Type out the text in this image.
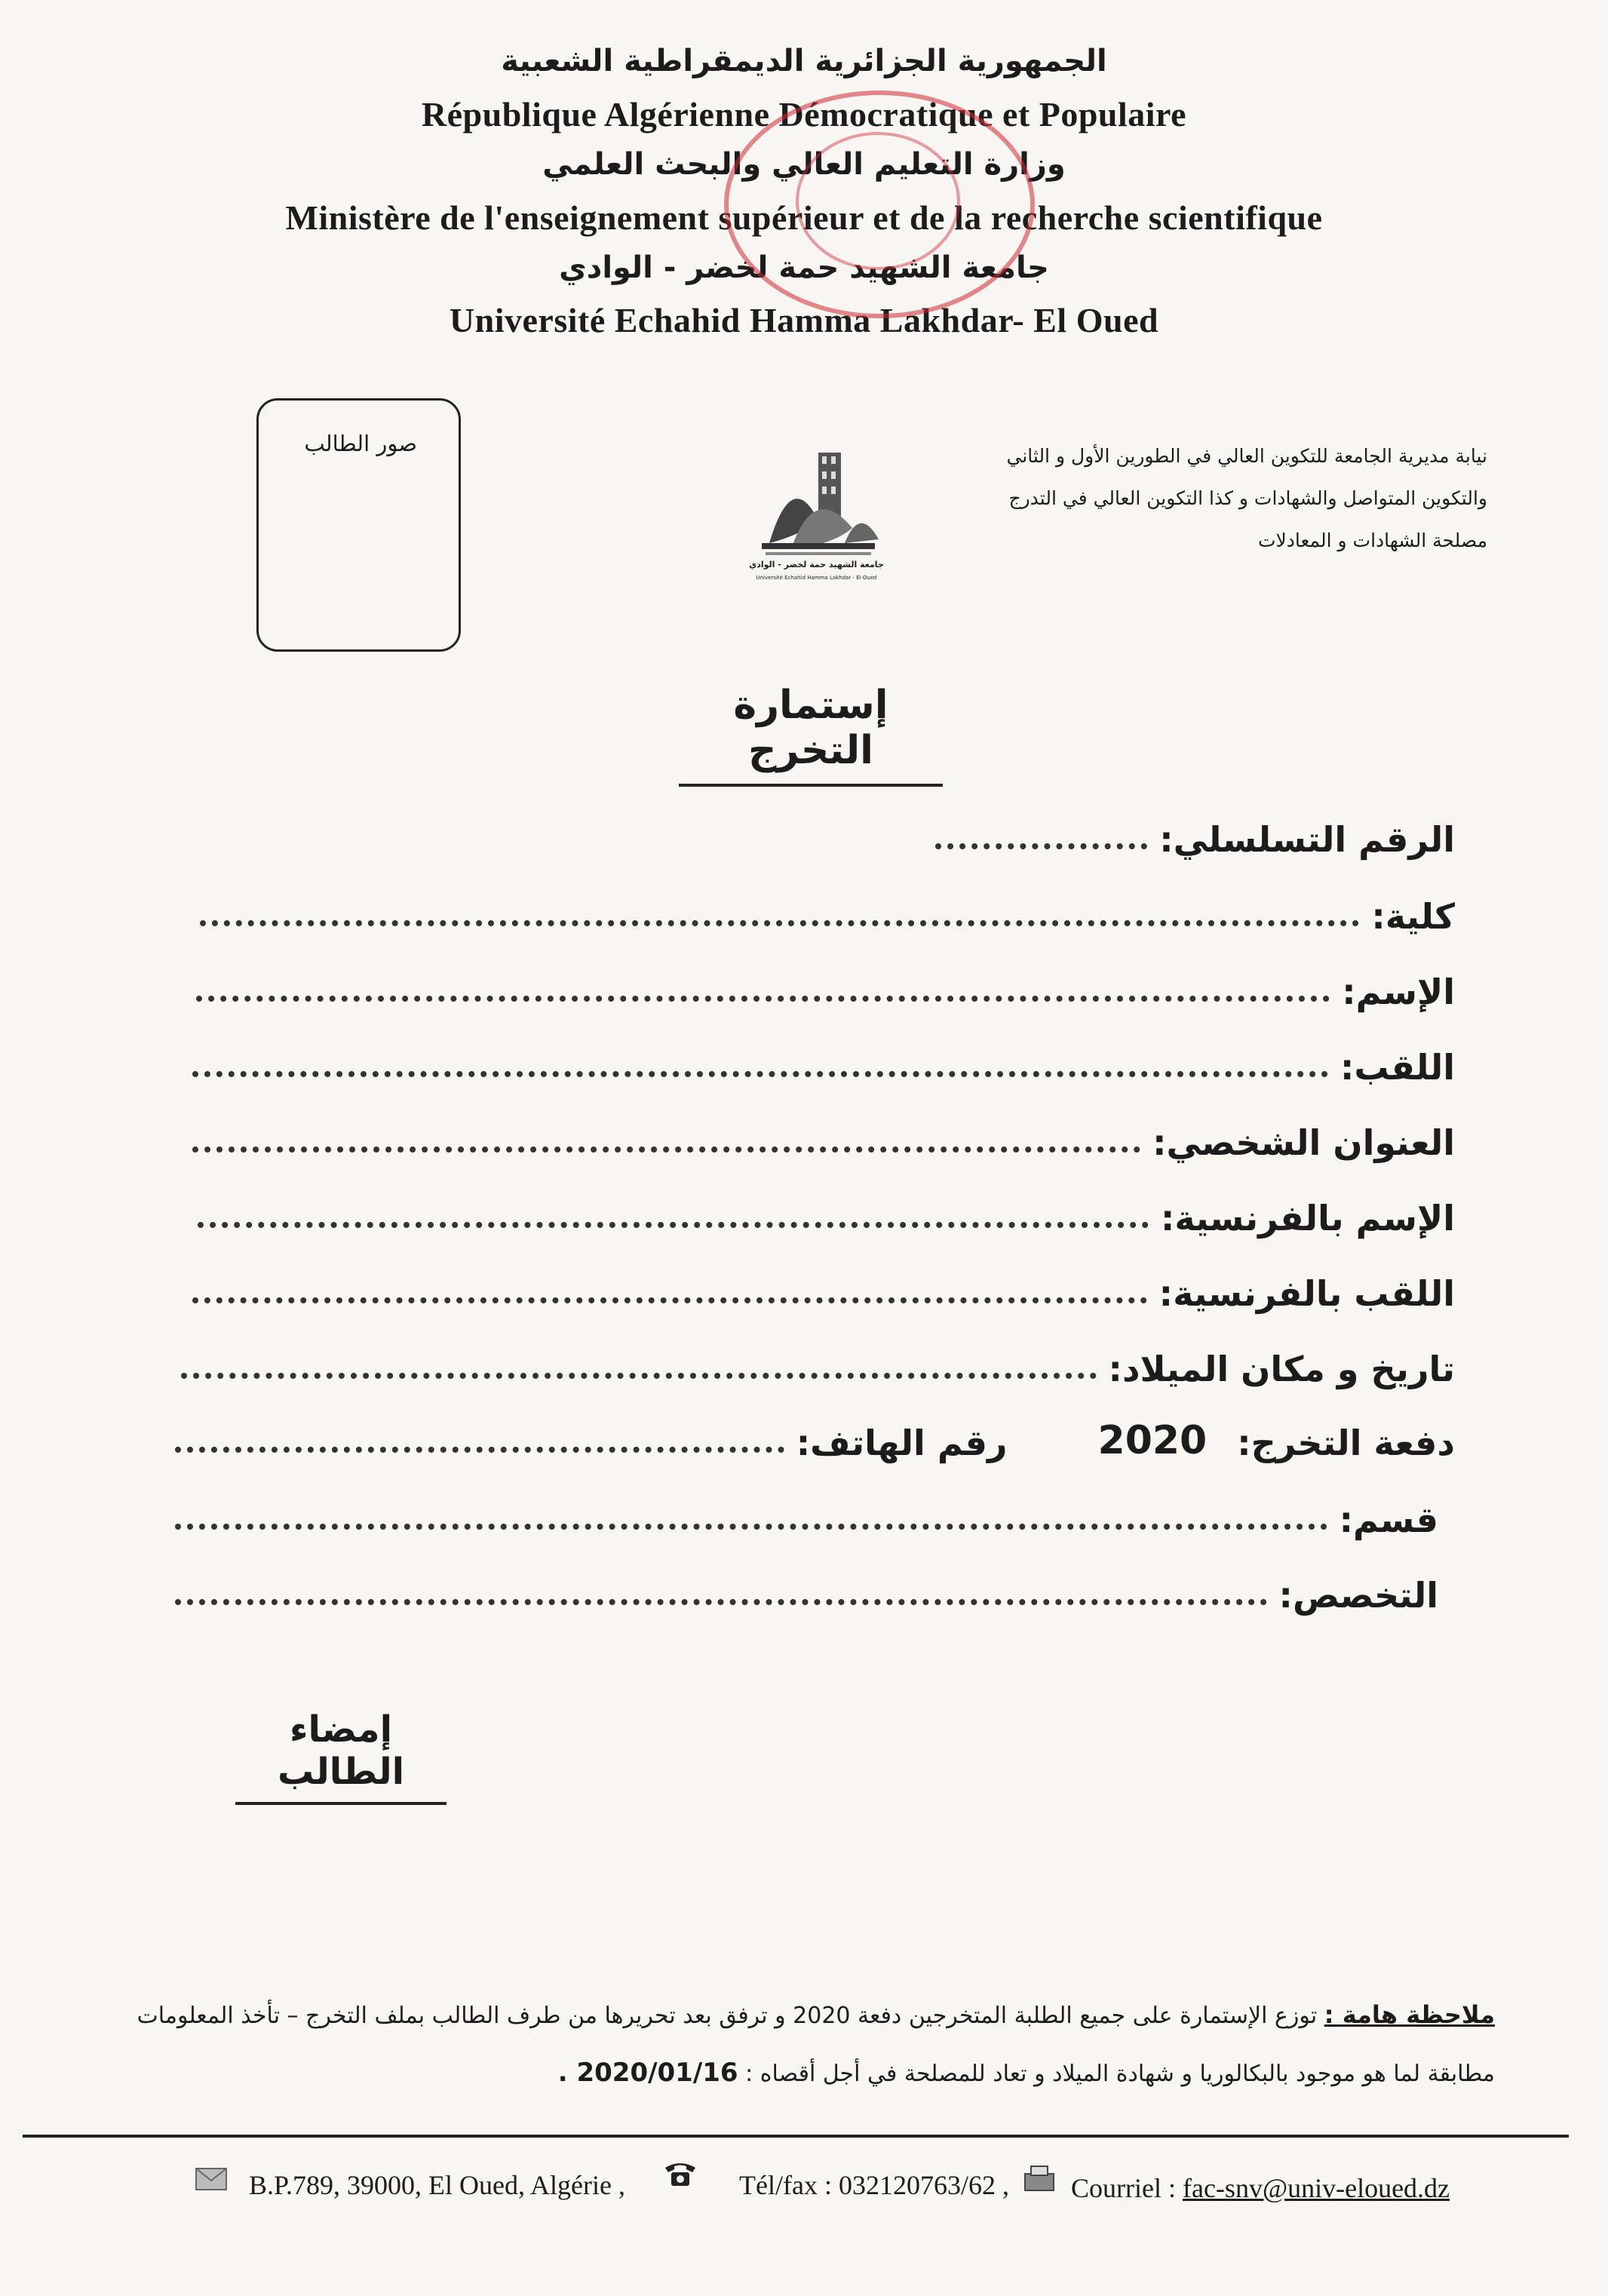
الجمهورية الجزائرية الديمقراطية الشعبية
République Algérienne Démocratique et Populaire
وزارة التعليم العالي والبحث العلمي
Ministère de l'enseignement supérieur et de la recherche scientifique
جامعة الشهيد حمة لخضر - الوادي
Université Echahid Hamma Lakhdar- El Oued
صور الطالب
جامعة الشهيد حمة لخضر - الوادي
Université Echahid Hamma Lakhdar - El Oued
نيابة مديرية الجامعة للتكوين العالي في الطورين الأول و الثاني
والتكوين المتواصل والشهادات و كذا التكوين العالي في التدرج
مصلحة الشهادات و المعادلات
إستمارة التخرج
الرقم التسلسلي:
كلية:
الإسم:
اللقب:
العنوان الشخصي:
الإسم بالفرنسية:
اللقب بالفرنسية:
تاريخ و مكان الميلاد:
دفعة التخرج:
2020
رقم الهاتف:
قسم:
التخصص:
إمضاء الطالب
ملاحظة هامة : توزع الإستمارة على جميع الطلبة المتخرجين دفعة 2020 و ترفق بعد تحريرها من طرف الطالب بملف التخرج – تأخذ المعلومات
مطابقة لما هو موجود بالبكالوريا و شهادة الميلاد و تعاد للمصلحة في أجل أقصاه : 2020/01/16 .
B.P.789, 39000, El Oued, Algérie ,	Tél/fax : 032120763/62 , Courriel : fac-snv@univ-eloued.dz
